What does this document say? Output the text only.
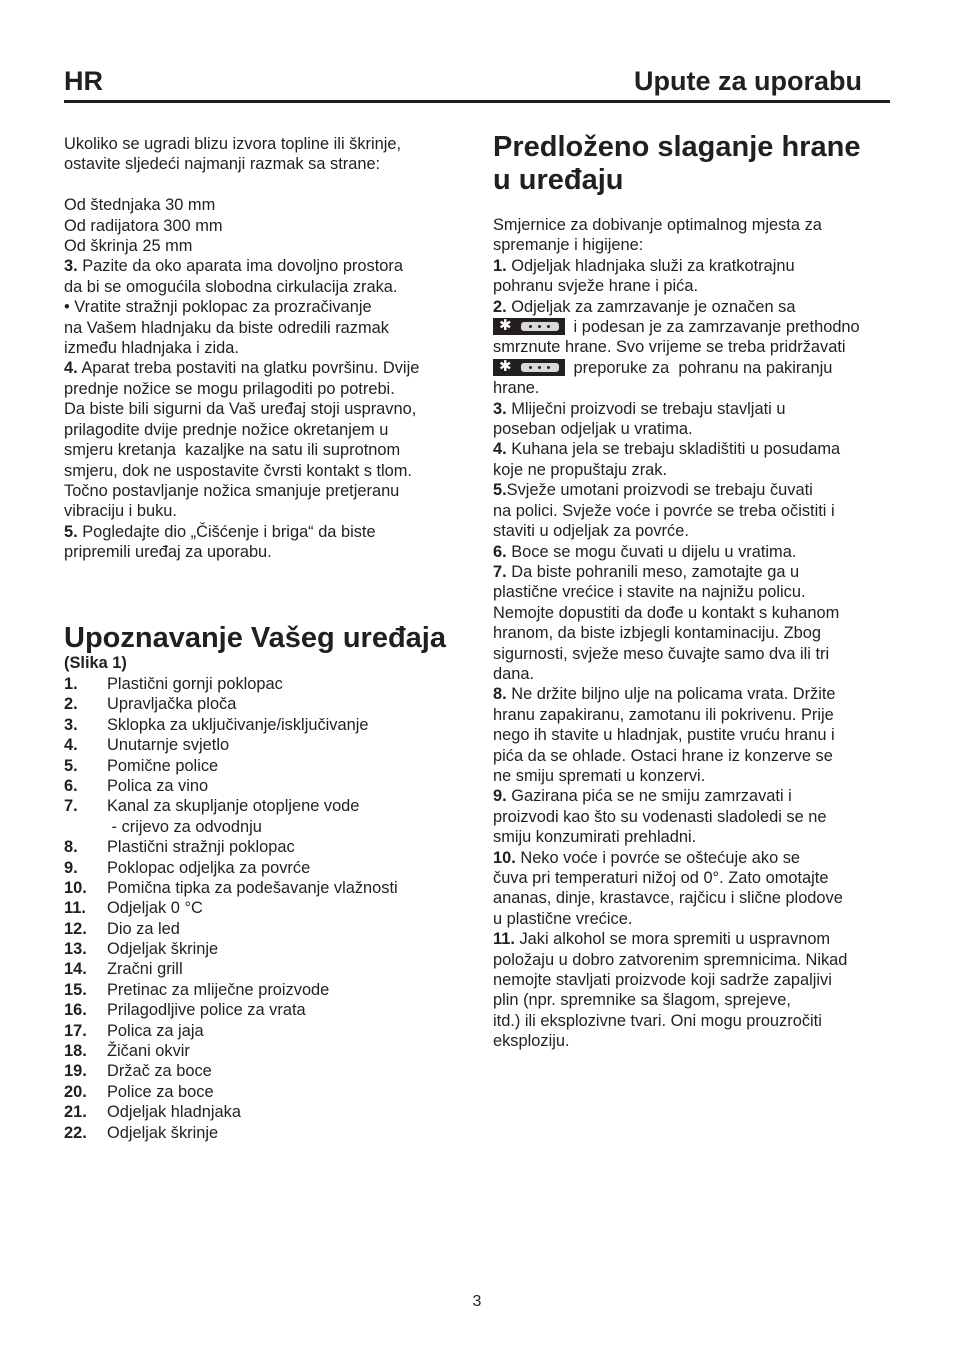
HR	Upute za uporabu
Ukoliko se ugradi blizu izvora topline ili škrinje,
ostavite sljedeći najmanji razmak sa strane:

Od štednjaka 30 mm
Od radijatora 300 mm
Od škrinja 25 mm
3. Pazite da oko aparata ima dovoljno prostora
da bi se omogućila slobodna cirkulacija zraka.
• Vratite stražnji poklopac za prozračivanje
na Vašem hladnjaku da biste odredili razmak
između hladnjaka i zida.
4. Aparat treba postaviti na glatku površinu. Dvije
prednje nožice se mogu prilagoditi po potrebi.
Da biste bili sigurni da Vaš uređaj stoji uspravno,
prilagodite dvije prednje nožice okretanjem u
smjeru kretanja  kazaljke na satu ili suprotnom
smjeru, dok ne uspostavite čvrsti kontakt s tlom.
Točno postavljanje nožica smanjuje pretjeranu
vibraciju i buku.
5. Pogledajte dio „Čišćenje i briga“ da biste
pripremili uređaj za uporabu.
Predloženo slaganje hrane
u uređaju
Smjernice za dobivanje optimalnog mjesta za
spremanje i higijene:
1. Odjeljak hladnjaka služi za kratkotrajnu
pohranu svježe hrane i pića.
2. Odjeljak za zamrzavanje je označen sa
✱	i podesan je za zamrzavanje prethodno
smrznute hrane. Svo vrijeme se treba pridržavati
✱	preporuke za  pohranu na pakiranju
hrane.
3. Mliječni proizvodi se trebaju stavljati u
poseban odjeljak u vratima.
4. Kuhana jela se trebaju skladištiti u posudama
koje ne propuštaju zrak.
5.Svježe umotani proizvodi se trebaju čuvati
na polici. Svježe voće i povrće se treba očistiti i
staviti u odjeljak za povrće.
6. Boce se mogu čuvati u dijelu u vratima.
7. Da biste pohranili meso, zamotajte ga u
plastične vrećice i stavite na najnižu policu.
Nemojte dopustiti da dođe u kontakt s kuhanom
hranom, da biste izbjegli kontaminaciju. Zbog
sigurnosti, svježe meso čuvajte samo dva ili tri
dana.
8. Ne držite biljno ulje na policama vrata. Držite
hranu zapakiranu, zamotanu ili pokrivenu. Prije
nego ih stavite u hladnjak, pustite vruću hranu i
pića da se ohlade. Ostaci hrane iz konzerve se
ne smiju spremati u konzervi.
9. Gazirana pića se ne smiju zamrzavati i
proizvodi kao što su vodenasti sladoledi se ne
smiju konzumirati prehladni.
10. Neko voće i povrće se oštećuje ako se
čuva pri temperaturi nižoj od 0°. Zato omotajte
ananas, dinje, krastavce, rajčicu i slične plodove
u plastične vrećice.
11. Jaki alkohol se mora spremiti u uspravnom
položaju u dobro zatvorenim spremnicima. Nikad
nemojte stavljati proizvode koji sadrže zapaljivi
plin (npr. spremnike sa šlagom, sprejeve,
itd.) ili eksplozivne tvari. Oni mogu prouzročiti
eksploziju.
Upoznavanje Vašeg uređaja
(Slika 1)
1. Plastični gornji poklopac
2. Upravljačka ploča
3. Sklopka za uključivanje/isključivanje
4. Unutarnje svjetlo
5. Pomične police
6. Polica za vino
7. Kanal za skupljanje otopljene vode
- crijevo za odvodnju
8. Plastični stražnji poklopac
9. Poklopac odjeljka za povrće
10. Pomična tipka za podešavanje vlažnosti
11. Odjeljak 0 °C
12. Dio za led
13. Odjeljak škrinje
14. Zračni grill
15. Pretinac za mliječne proizvode
16. Prilagodljive police za vrata
17. Polica za jaja
18. Žičani okvir
19. Držač za boce
20. Police za boce
21. Odjeljak hladnjaka
22. Odjeljak škrinje
3
